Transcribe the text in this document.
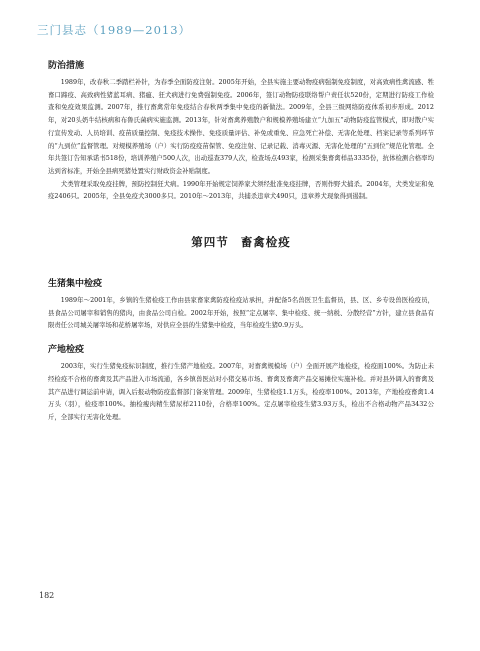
三门县志（1989—2013）
防治措施

1989年，改春秋二季踏栏补针，为春季全面防疫注射。2005年开始，全县实施主要动物疫病强制免疫制度，对高致病性禽流感、牲畜口蹄疫、高致病性猪蓝耳病、猪瘟、狂犬病进行免费强制免疫。2006年，签订动物防疫联络帮户责任状520份，定期进行防疫工作检查和免疫效果监测。2007年，推行畜禽常年免疫结合春秋两季集中免疫的新做法。2009年，全县三级网络防疫体系初步形成。2012年，对20头奶牛结核病和布鲁氏菌病实施监测。2013年，针对畜禽养殖散户和规模养殖场建立“九加五”动物防疫监管模式，即对散户实行宣传发动、人员培训、疫苗质量控制、免疫技术操作、免疫质量评估、补免或重免、应急死亡补偿、无害化处理、档案记录等系列环节的“九到位”监督管理。对规模养殖场（户）实行防疫疫苗保管、免疫注射、记录记载、消毒灭源、无害化处理的“五到位”规范化管理。全年共签订告知承诺书518份，培训养殖户500人次，出动巡查379人次，检查场点493家，检测采集畜禽样品3335份，抗体检测合格率均达到省标准，开始全县病死猪处置实行财政资金补贴制度。

犬类管理采取免疫挂牌，预防控制狂犬病。1990年开始规定饲养家犬须经批准免疫挂牌，否则作野犬捕杀。2004年，犬类发证和免疫2406只。2005年，全县免疫犬3000多只。2010年～2013年，共捕杀违章犬490只，违章养犬现象得到遏制。

第四节 畜禽检疫
生猪集中检疫

1989年～2001年，乡镇的生猪检疫工作由县家畜家禽防疫检疫站承担，并配备5名兽医卫生监督员，县、区、乡专设兽医检疫员，县食品公司屠宰和销售的猪肉，由食品公司自检。2002年开始，按照“定点屠宰、集中检疫、统一纳税、分散经营”方针，建立县食品有限责任公司城关屠宰场和花桥屠宰场，对供应全县的生猪集中检疫，当年检疫生猪0.9万头。

产地检疫

2003年，实行生猪免疫标识制度，推行生猪产地检疫。2007年，对畜禽规模场（户）全面开展产地检疫，检疫面100%。为防止未经检疫不合格的畜禽及其产品进入市场流通，各乡镇兽医站对小猪交易市场、畜禽及畜禽产品交易摊位实施补检。并对县外调入的畜禽及其产品进行调运前申请，调入后报动物防疫监督部门备案管理。2009年，生猪检疫1.1万头，检疫率100%。2013年，产地检疫畜禽1.4万头（羽），检疫率100%。抽检瘦肉精生猪尿样2110份，合格率100%。定点屠宰检疫生猪3.93万头，检出不合格动物产品3432公斤，全部实行无害化处理。

182
